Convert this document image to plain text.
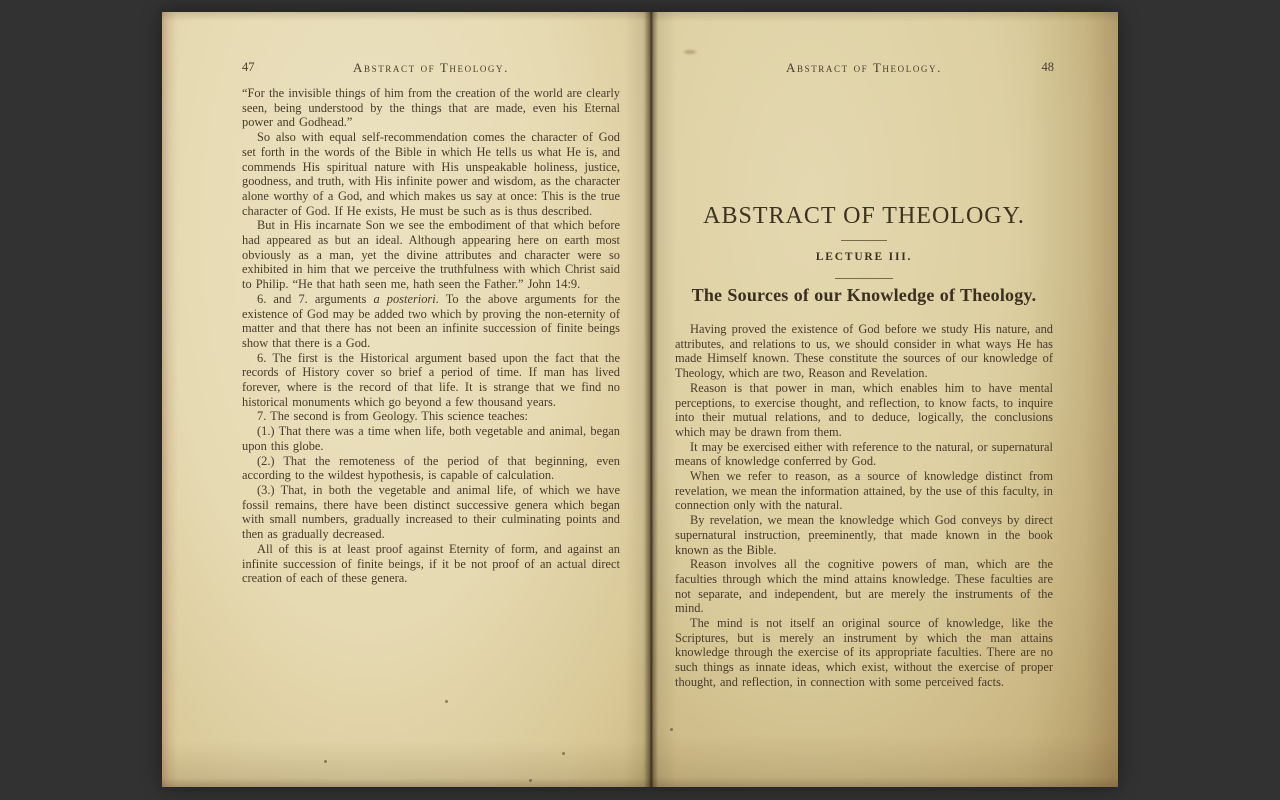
47	Abstract of Theology.

“For the invisible things of him from the creation of the world are clearly seen, being understood by the things that are made, even his Eternal power and Godhead.”

So also with equal self-recommendation comes the character of God set forth in the words of the Bible in which He tells us what He is, and commends His spiritual nature with His unspeakable holiness, justice, goodness, and truth, with His infinite power and wisdom, as the character alone worthy of a God, and which makes us say at once: This is the true character of God. If He exists, He must be such as is thus described.

But in His incarnate Son we see the embodiment of that which before had appeared as but an ideal. Although appearing here on earth most obviously as a man, yet the divine attributes and character were so exhibited in him that we perceive the truthfulness with which Christ said to Philip. “He that hath seen me, hath seen the Father.” John 14:9.

6. and 7. arguments a posteriori. To the above arguments for the existence of God may be added two which by proving the non-eternity of matter and that there has not been an infinite succession of finite beings show that there is a God.

6. The first is the Historical argument based upon the fact that the records of History cover so brief a period of time. If man has lived forever, where is the record of that life. It is strange that we find no historical monuments which go beyond a few thousand years.

7. The second is from Geology. This science teaches:

(1.) That there was a time when life, both vegetable and animal, began upon this globe.

(2.) That the remoteness of the period of that beginning, even according to the wildest hypothesis, is capable of calculation.

(3.) That, in both the vegetable and animal life, of which we have fossil remains, there have been distinct successive genera which began with small numbers, gradually increased to their culminating points and then as gradually decreased.

All of this is at least proof against Eternity of form, and against an infinite succession of finite beings, if it be not proof of an actual direct creation of each of these genera.

Abstract of Theology.	48
ABSTRACT OF THEOLOGY.
LECTURE III.
The Sources of our Knowledge of Theology.

Having proved the existence of God before we study His nature, and attributes, and relations to us, we should consider in what ways He has made Himself known. These constitute the sources of our knowledge of Theology, which are two, Reason and Revelation.

Reason is that power in man, which enables him to have mental perceptions, to exercise thought, and reflection, to know facts, to inquire into their mutual relations, and to deduce, logically, the conclusions which may be drawn from them.

It may be exercised either with reference to the natural, or supernatural means of knowledge conferred by God.

When we refer to reason, as a source of knowledge distinct from revelation, we mean the information attained, by the use of this faculty, in connection only with the natural.

By revelation, we mean the knowledge which God conveys by direct supernatural instruction, preeminently, that made known in the book known as the Bible.

Reason involves all the cognitive powers of man, which are the faculties through which the mind attains knowledge. These faculties are not separate, and independent, but are merely the instruments of the mind.

The mind is not itself an original source of knowledge, like the Scriptures, but is merely an instrument by which the man attains knowledge through the exercise of its appropriate faculties. There are no such things as innate ideas, which exist, without the exercise of proper thought, and reflection, in connection with some perceived facts.
